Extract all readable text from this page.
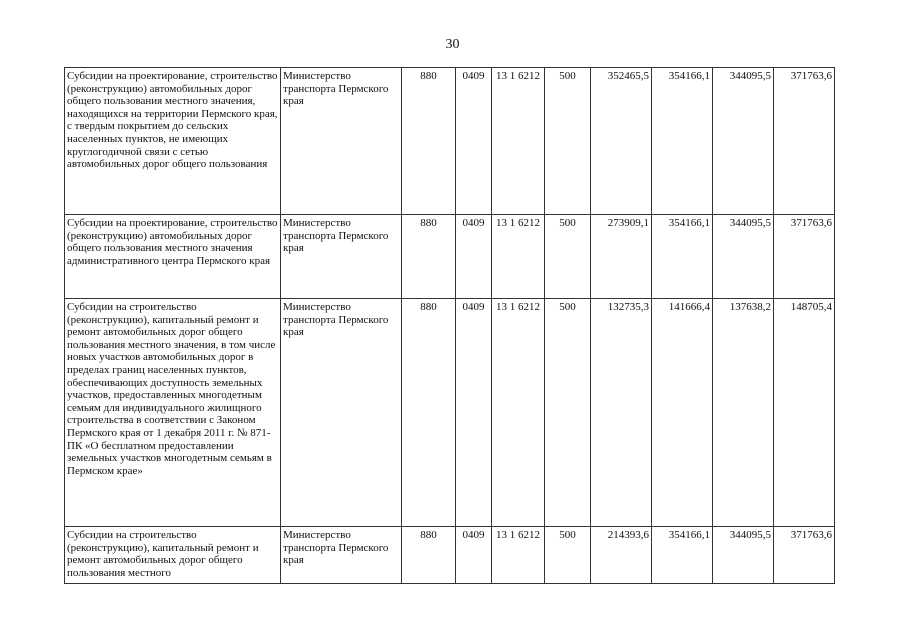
30
Субсидии на проектирование, строительство (реконструкцию) автомобильных дорог общего пользования местного значения, находящихся на территории Пермского края, с твердым покрытием до сельских населенных пунктов, не имеющих круглогодичной связи с сетью автомобильных дорог общего пользования	Министерство транспорта Пермского края	880	0409	13 1 6212	500	352465,5	354166,1	344095,5	371763,6
Субсидии на проектирование, строительство (реконструкцию) автомобильных дорог общего пользования местного значения административного центра Пермского края	Министерство транспорта Пермского края	880	0409	13 1 6212	500	273909,1	354166,1	344095,5	371763,6
Субсидии на строительство (реконструкцию), капитальный ремонт и ремонт автомобильных дорог общего пользования местного значения, в том числе новых участков автомобильных дорог в пределах границ населенных пунктов, обеспечивающих доступность земельных участков, предоставленных многодетным семьям для индивидуального жилищного строительства в соответствии с Законом Пермского края от 1 декабря 2011 г. № 871-ПК «О бесплатном предоставлении земельных участков многодетным семьям в Пермском крае»	Министерство транспорта Пермского края	880	0409	13 1 6212	500	132735,3	141666,4	137638,2	148705,4
Субсидии на строительство (реконструкцию), капитальный ремонт и ремонт автомобильных дорог общего пользования местного	Министерство транспорта Пермского края	880	0409	13 1 6212	500	214393,6	354166,1	344095,5	371763,6
